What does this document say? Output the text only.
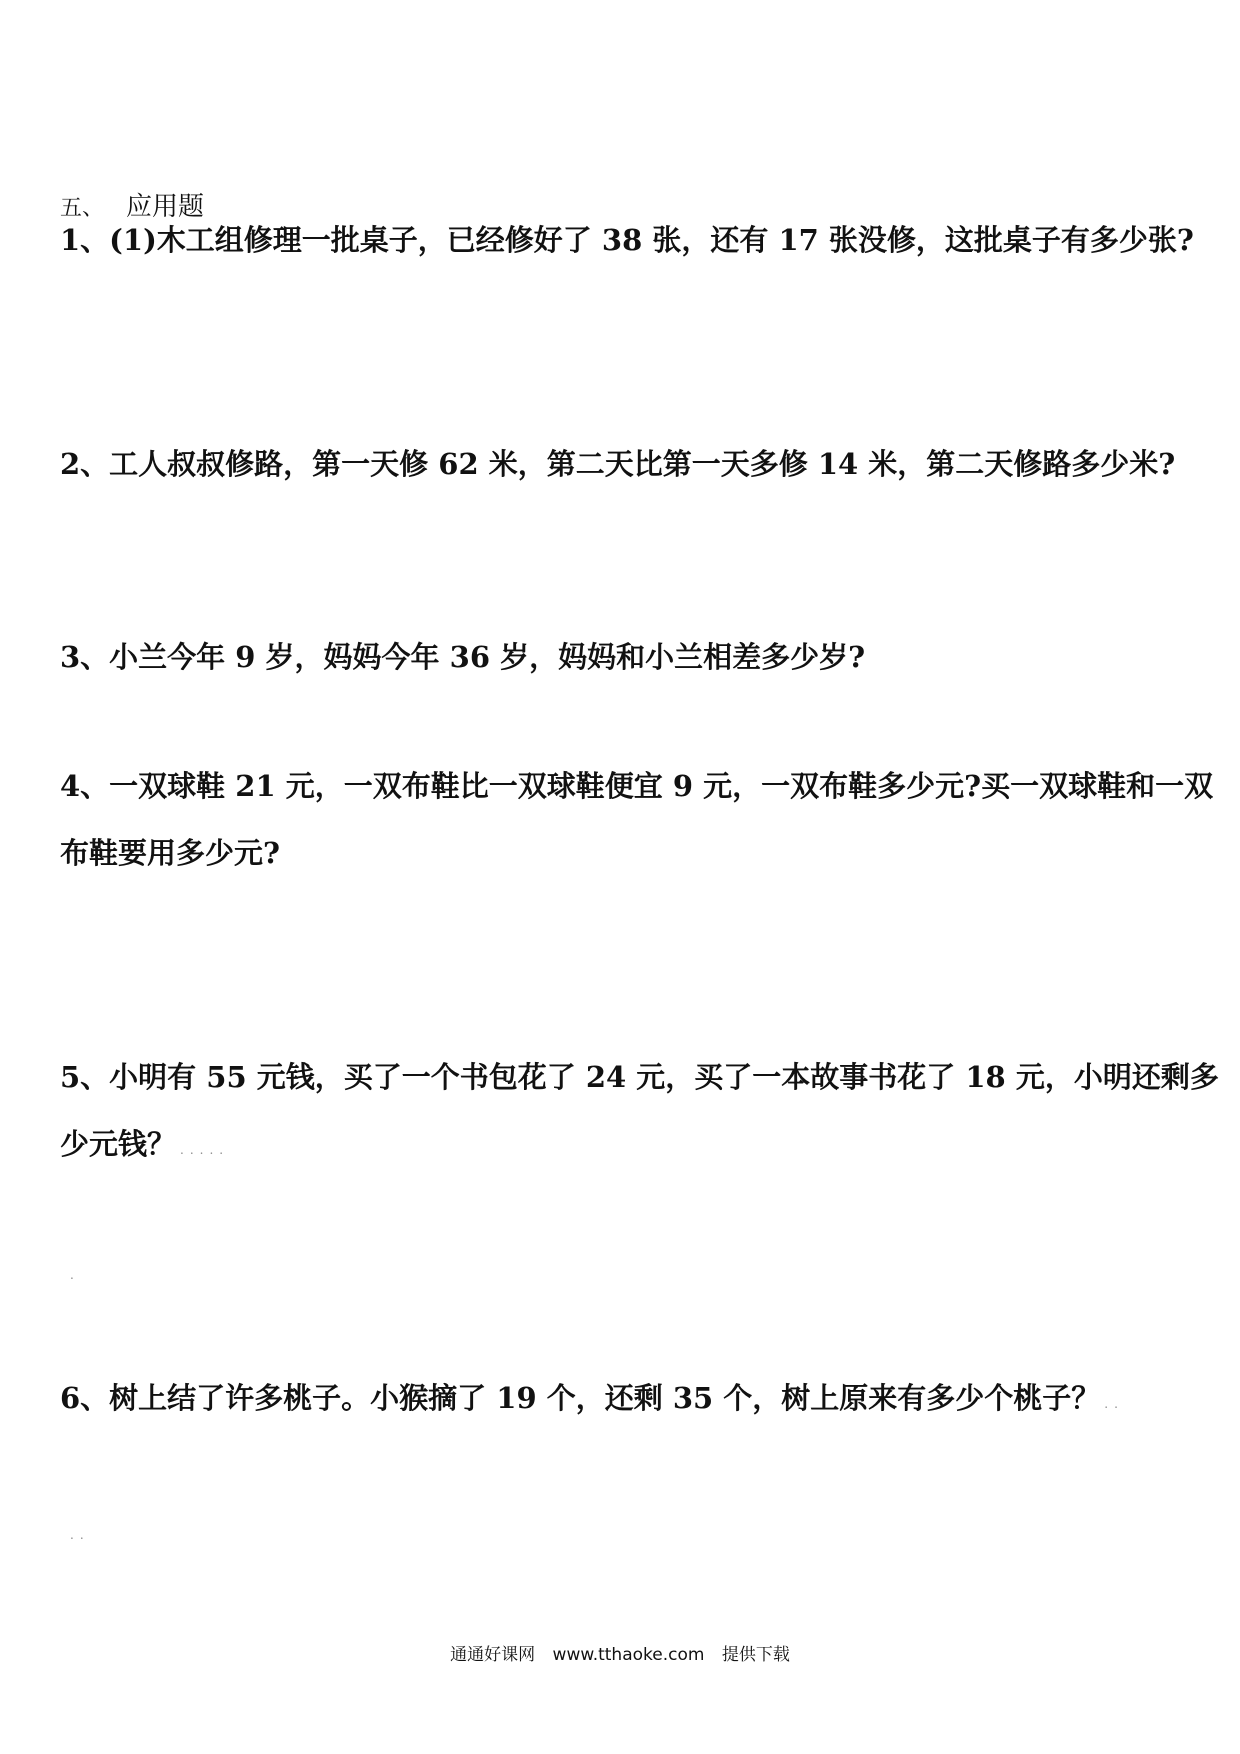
五、 应用题
1、(1)木工组修理一批桌子，已经修好了 38 张，还有 17 张没修，这批桌子有多少张?
2、工人叔叔修路，第一天修 62 米，第二天比第一天多修 14 米，第二天修路多少米?
3、小兰今年 9 岁，妈妈今年 36 岁，妈妈和小兰相差多少岁?
4、一双球鞋 21 元，一双布鞋比一双球鞋便宜 9 元，一双布鞋多少元?买一双球鞋和一双
布鞋要用多少元?
5、小明有 55 元钱，买了一个书包花了 24 元，买了一本故事书花了 18 元，小明还剩多
少元钱？ .....
.
6、树上结了许多桃子。小猴摘了 19 个，还剩 35 个，树上原来有多少个桃子？ ..
..
通通好课网 www.tthaoke.com 提供下载
